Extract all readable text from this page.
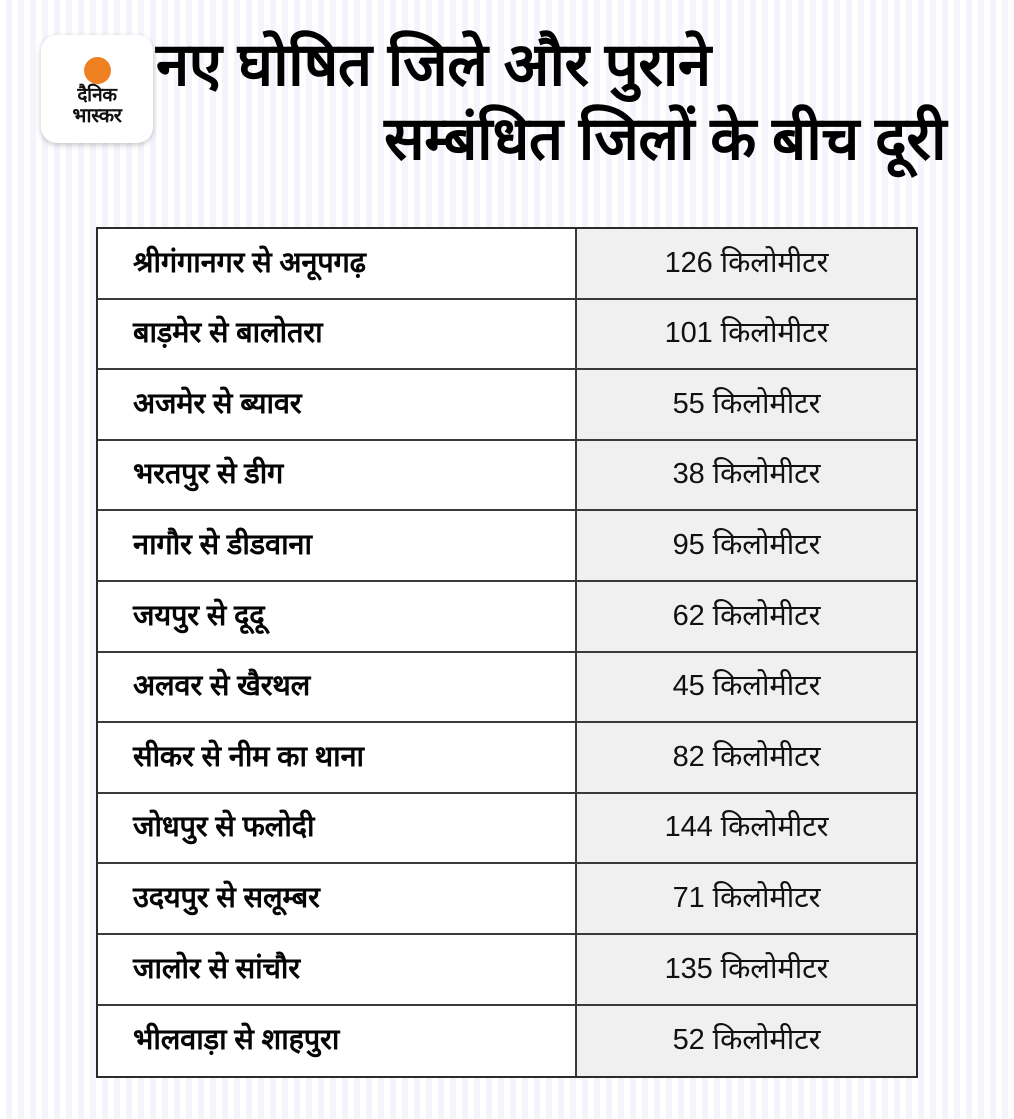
दैनिक
भास्कर
नए घोषित जिले और पुराने
सम्बंधित जिलों के बीच दूरी
श्रीगंगानगर से अनूपगढ़	126 किलोमीटर
बाड़मेर से बालोतरा	101 किलोमीटर
अजमेर से ब्यावर	55 किलोमीटर
भरतपुर से डीग	38 किलोमीटर
नागौर से डीडवाना	95 किलोमीटर
जयपुर से दूदू	62 किलोमीटर
अलवर से खैरथल	45 किलोमीटर
सीकर से नीम का थाना	82 किलोमीटर
जोधपुर से फलोदी	144 किलोमीटर
उदयपुर से सलूम्बर	71 किलोमीटर
जालोर से सांचौर	135 किलोमीटर
भीलवाड़ा से शाहपुरा	52 किलोमीटर
